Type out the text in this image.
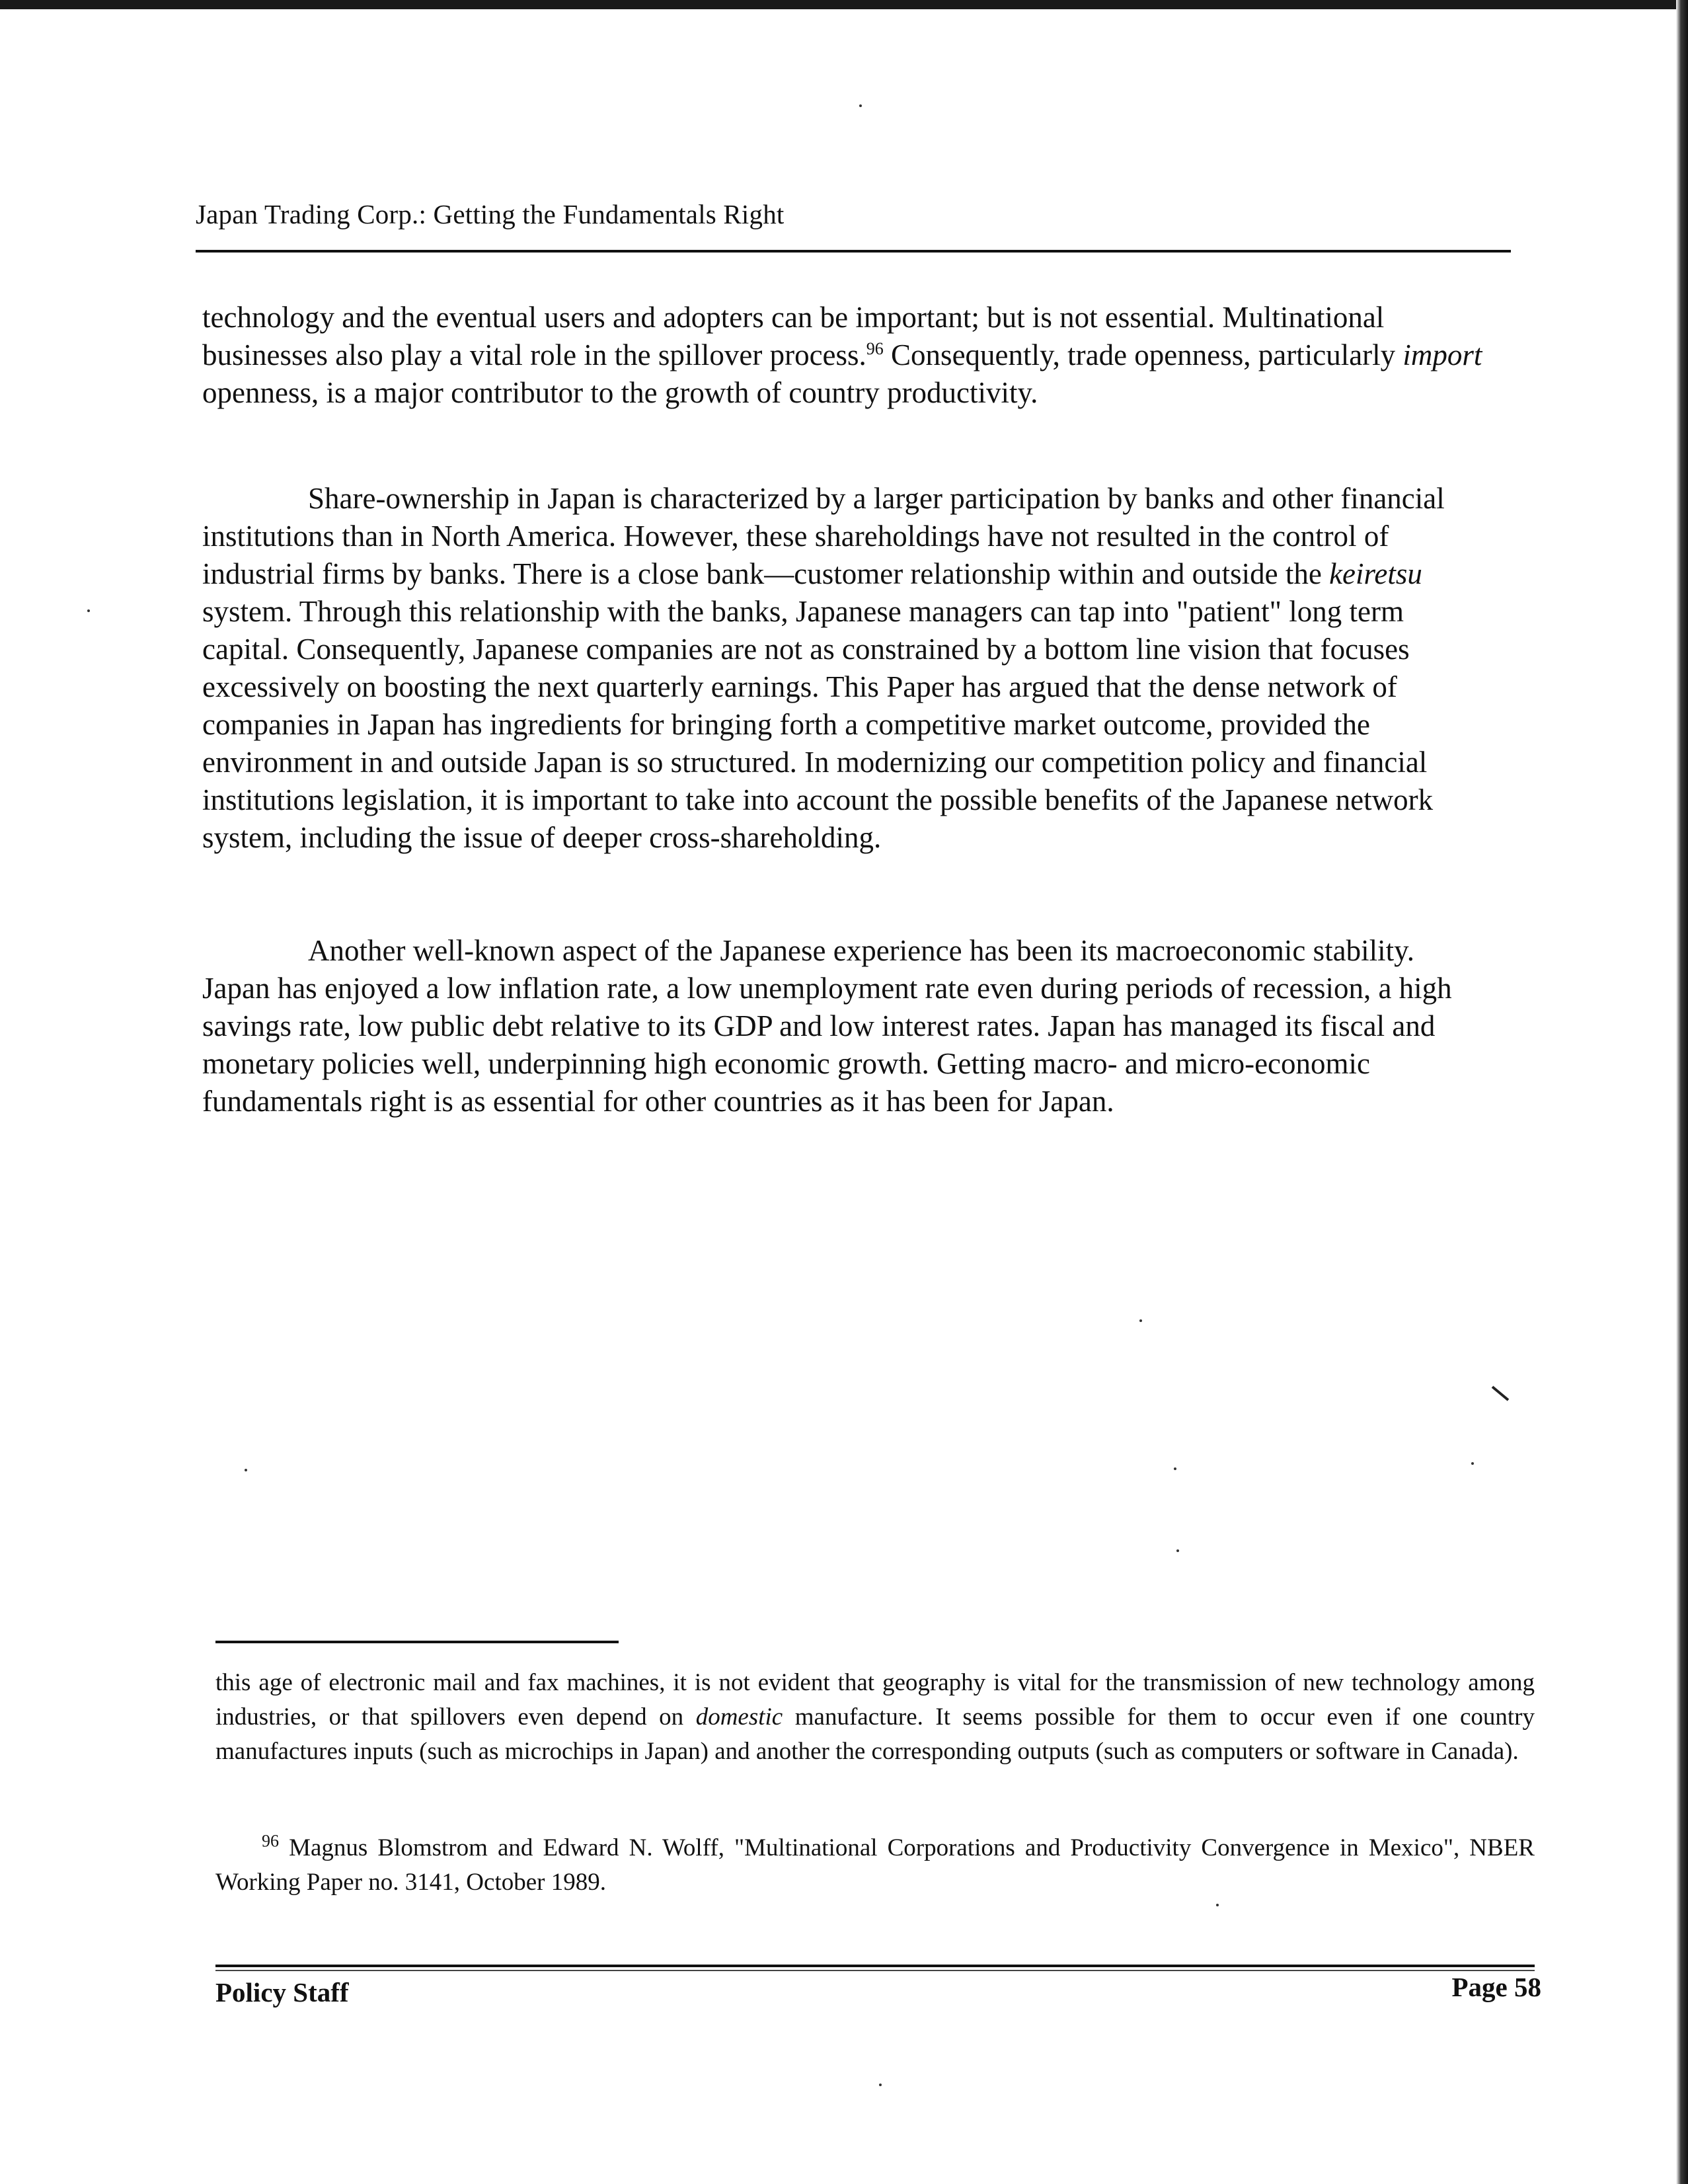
Japan Trading Corp.: Getting the Fundamentals Right

technology and the eventual users and adopters can be important; but is not essential. Multinational businesses also play a vital role in the spillover process.$^{96}$ Consequently, trade openness, particularly import openness, is a major contributor to the growth of country productivity.

Share-ownership in Japan is characterized by a larger participation by banks and other financial institutions than in North America. However, these shareholdings have not resulted in the control of industrial firms by banks. There is a close bank—customer relationship within and outside the keiretsu system. Through this relationship with the banks, Japanese managers can tap into "patient" long term capital. Consequently, Japanese companies are not as constrained by a bottom line vision that focuses excessively on boosting the next quarterly earnings. This Paper has argued that the dense network of companies in Japan has ingredients for bringing forth a competitive market outcome, provided the environment in and outside Japan is so structured. In modernizing our competition policy and financial institutions legislation, it is important to take into account the possible benefits of the Japanese network system, including the issue of deeper cross-shareholding.

Another well-known aspect of the Japanese experience has been its macroeconomic stability. Japan has enjoyed a low inflation rate, a low unemployment rate even during periods of recession, a high savings rate, low public debt relative to its GDP and low interest rates. Japan has managed its fiscal and monetary policies well, underpinning high economic growth. Getting macro- and micro-economic fundamentals right is as essential for other countries as it has been for Japan.

this age of electronic mail and fax machines, it is not evident that geography is vital for the transmission of new technology among industries, or that spillovers even depend on domestic manufacture. It seems possible for them to occur even if one country manufactures inputs (such as microchips in Japan) and another the corresponding outputs (such as computers or software in Canada).

$^{96}$ Magnus Blomstrom and Edward N. Wolff, "Multinational Corporations and Productivity Convergence in Mexico", NBER Working Paper no. 3141, October 1989.

Policy Staff	Page 58
